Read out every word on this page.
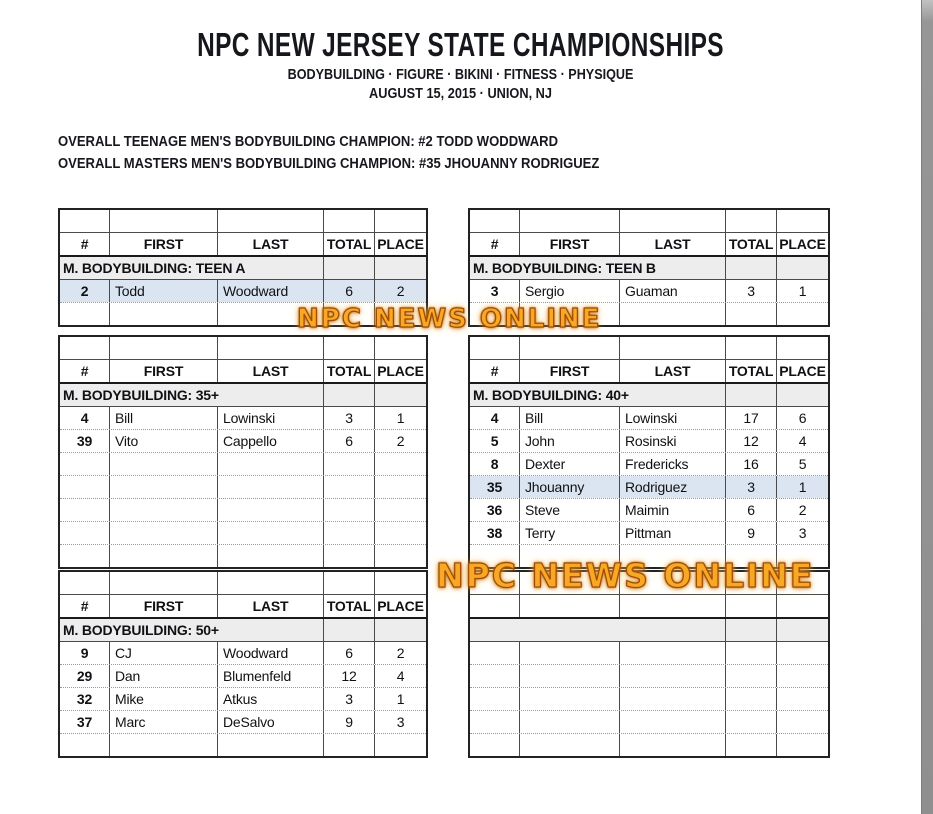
NPC NEW JERSEY STATE CHAMPIONSHIPS
BODYBUILDING · FIGURE · BIKINI · FITNESS · PHYSIQUE
AUGUST 15, 2015 · UNION, NJ
OVERALL TEENAGE MEN'S BODYBUILDING CHAMPION: #2 TODD WODDWARD
OVERALL MASTERS MEN'S BODYBUILDING CHAMPION: #35 JHOUANNY RODRIGUEZ
#	FIRST	LAST	TOTAL PLACE
M. BODYBUILDING: TEEN A
2	Todd	Woodward	6	2
#	FIRST	LAST	TOTAL PLACE
M. BODYBUILDING: 35+
4	Bill	Lowinski	3	1
39	Vito	Cappello	6	2
#	FIRST	LAST	TOTAL PLACE
M. BODYBUILDING: 50+
9	CJ	Woodward	6	2
29	Dan	Blumenfeld	12	4
32	Mike	Atkus	3	1
37	Marc	DeSalvo	9	3
#	FIRST	LAST	TOTAL PLACE
M. BODYBUILDING: TEEN B
3	Sergio	Guaman	3	1
#	FIRST	LAST	TOTAL PLACE
M. BODYBUILDING: 40+
4	Bill	Lowinski	17	6
5	John	Rosinski	12	4
8	Dexter	Fredericks	16	5
35	Jhouanny	Rodriguez	3	1
36	Steve	Maimin	6	2
38	Terry	Pittman	9	3
NPC NEWS ONLINE
NPC NEWS ONLINE
